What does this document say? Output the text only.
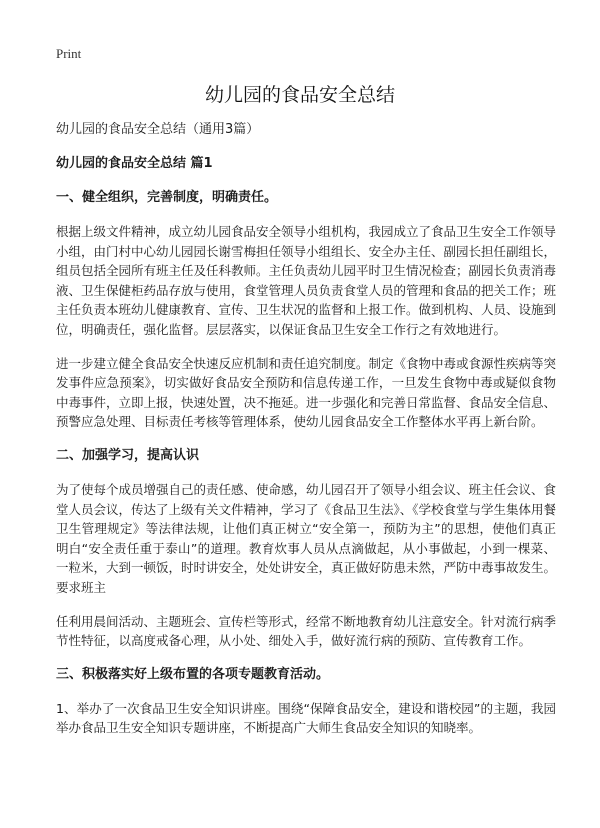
Print
幼儿园的食品安全总结

幼儿园的食品安全总结（通用3篇）

幼儿园的食品安全总结 篇1

一、健全组织，完善制度，明确责任。

根据上级文件精神，成立幼儿园食品安全领导小组机构，我园成立了食品卫生安全工作领导小组，由门村中心幼儿园园长谢雪梅担任领导小组组长、安全办主任、副园长担任副组长，组员包括全园所有班主任及任科教师。主任负责幼儿园平时卫生情况检查；副园长负责消毒液、卫生保健柜药品存放与使用，食堂管理人员负责食堂人员的管理和食品的把关工作；班主任负责本班幼儿健康教育、宣传、卫生状况的监督和上报工作。做到机构、人员、设施到位，明确责任，强化监督。层层落实，以保证食品卫生安全工作行之有效地进行。

进一步建立健全食品安全快速反应机制和责任追究制度。制定《食物中毒或食源性疾病等突发事件应急预案》，切实做好食品安全预防和信息传递工作，一旦发生食物中毒或疑似食物中毒事件，立即上报，快速处置，决不拖延。进一步强化和完善日常监督、食品安全信息、预警应急处理、目标责任考核等管理体系，使幼儿园食品安全工作整体水平再上新台阶。

二、加强学习，提高认识

为了使每个成员增强自己的责任感、使命感，幼儿园召开了领导小组会议、班主任会议、食堂人员会议，传达了上级有关文件精神，学习了《食品卫生法》、《学校食堂与学生集体用餐卫生管理规定》等法律法规，让他们真正树立“安全第一，预防为主”的思想，使他们真正明白“安全责任重于泰山”的道理。教育炊事人员从点滴做起，从小事做起，小到一棵菜、一粒米，大到一顿饭，时时讲安全，处处讲安全，真正做好防患未然，严防中毒事故发生。要求班主

任利用晨间活动、主题班会、宣传栏等形式，经常不断地教育幼儿注意安全。针对流行病季节性特征，以高度戒备心理，从小处、细处入手，做好流行病的预防、宣传教育工作。

三、积极落实好上级布置的各项专题教育活动。

1、举办了一次食品卫生安全知识讲座。围绕“保障食品安全，建设和谐校园”的主题，我园举办食品卫生安全知识专题讲座，不断提高广大师生食品安全知识的知晓率。
